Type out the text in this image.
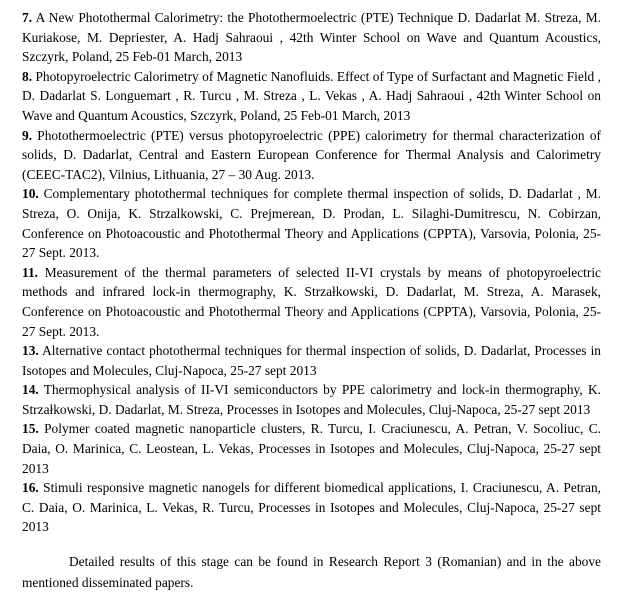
7. A New Photothermal Calorimetry: the Photothermoelectric (PTE) Technique D. Dadarlat M. Streza, M. Kuriakose, M. Depriester, A. Hadj Sahraoui , 42th Winter School on Wave and Quantum Acoustics, Szczyrk, Poland, 25 Feb-01 March, 2013

8. Photopyroelectric Calorimetry of Magnetic Nanofluids. Effect of Type of Surfactant and Magnetic Field , D. Dadarlat S. Longuemart , R. Turcu , M. Streza , L. Vekas , A. Hadj Sahraoui , 42th Winter School on Wave and Quantum Acoustics, Szczyrk, Poland, 25 Feb-01 March, 2013

9. Photothermoelectric (PTE) versus photopyroelectric (PPE) calorimetry for thermal characterization of solids, D. Dadarlat, Central and Eastern European Conference for Thermal Analysis and Calorimetry (CEEC-TAC2), Vilnius, Lithuania, 27 – 30 Aug. 2013.

10. Complementary photothermal techniques for complete thermal inspection of solids, D. Dadarlat , M. Streza, O. Onija, K. Strzalkowski, C. Prejmerean, D. Prodan, L. Silaghi-Dumitrescu, N. Cobirzan, Conference on Photoacoustic and Photothermal Theory and Applications (CPPTA), Varsovia, Polonia, 25-27 Sept. 2013.

11. Measurement of the thermal parameters of selected II-VI crystals by means of photopyroelectric methods and infrared lock-in thermography, K. Strzałkowski, D. Dadarlat, M. Streza, A. Marasek, Conference on Photoacoustic and Photothermal Theory and Applications (CPPTA), Varsovia, Polonia, 25-27 Sept. 2013.

13. Alternative contact photothermal techniques for thermal inspection of solids, D. Dadarlat, Processes in Isotopes and Molecules, Cluj-Napoca, 25-27 sept 2013

14. Thermophysical analysis of II-VI semiconductors by PPE calorimetry and lock-in thermography, K. Strzałkowski, D. Dadarlat, M. Streza, Processes in Isotopes and Molecules, Cluj-Napoca, 25-27 sept 2013

15. Polymer coated magnetic nanoparticle clusters, R. Turcu, I. Craciunescu, A. Petran, V. Socoliuc, C. Daia, O. Marinica, C. Leostean, L. Vekas, Processes in Isotopes and Molecules, Cluj-Napoca, 25-27 sept 2013

16. Stimuli responsive magnetic nanogels for different biomedical applications, I. Craciunescu, A. Petran, C. Daia, O. Marinica, L. Vekas, R. Turcu, Processes in Isotopes and Molecules, Cluj-Napoca, 25-27 sept 2013

Detailed results of this stage can be found in Research Report 3 (Romanian) and in the above mentioned disseminated papers.
